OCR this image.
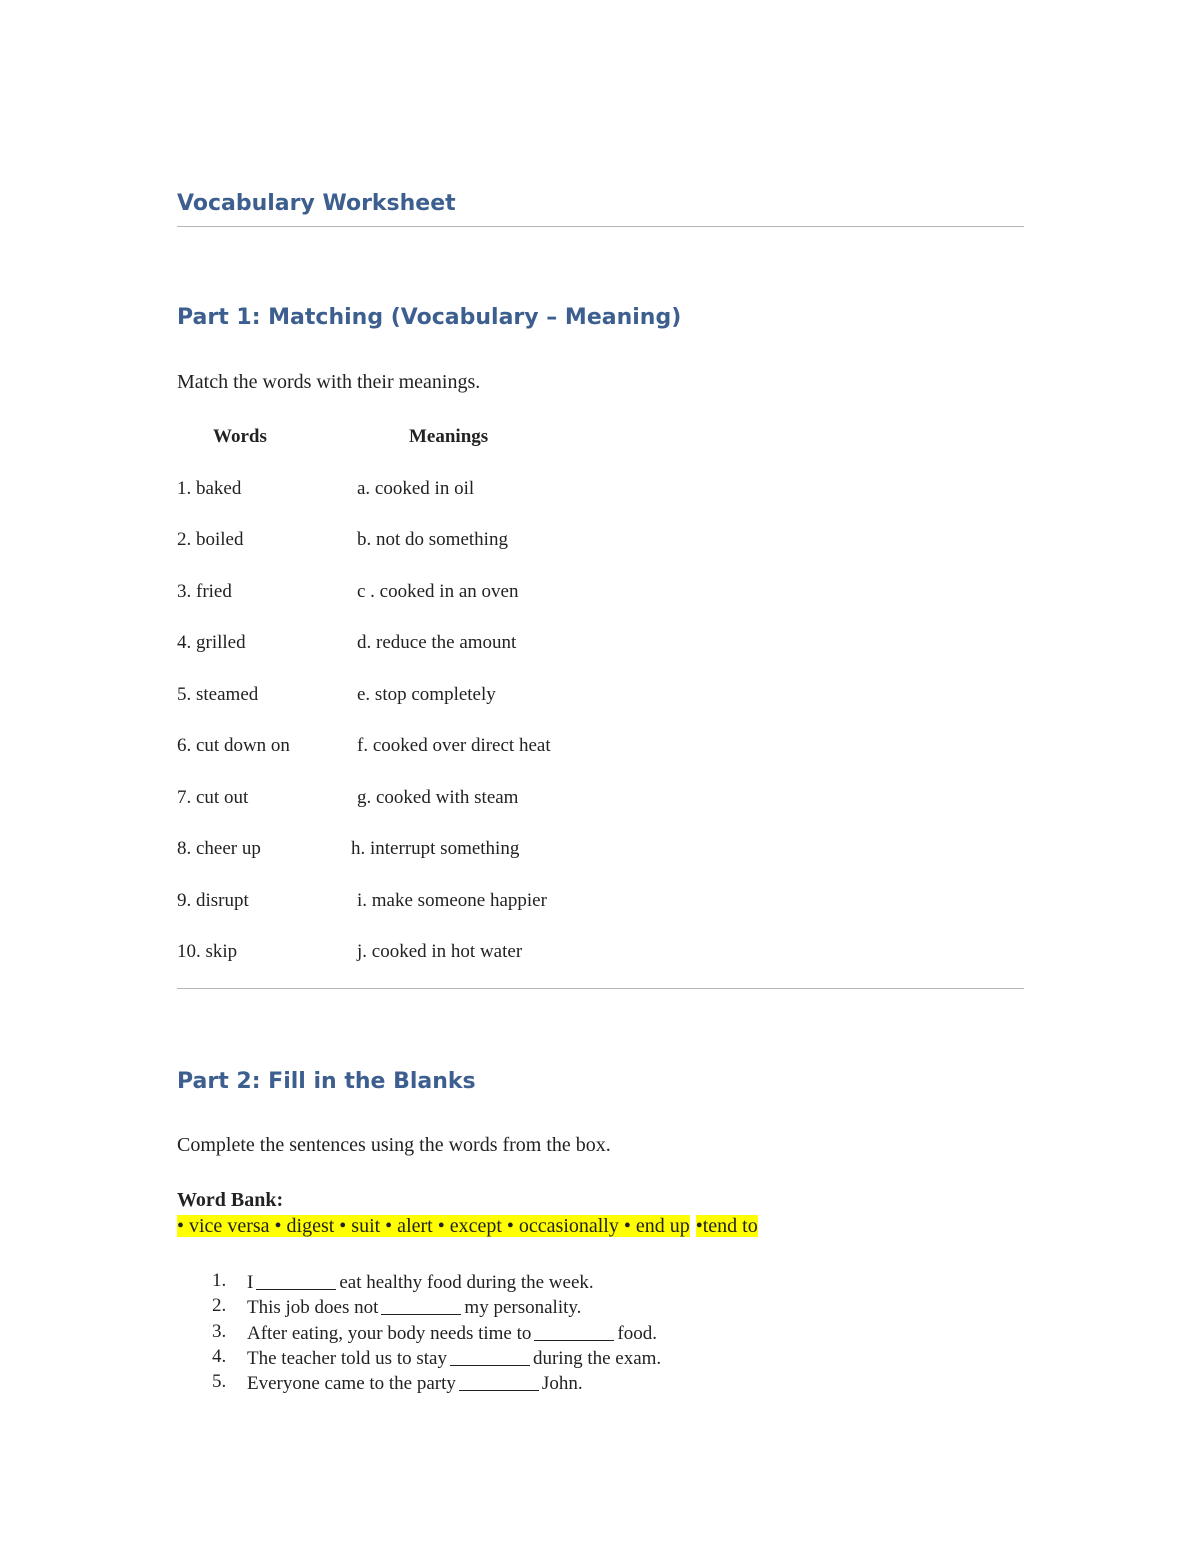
Vocabulary Worksheet
Part 1: Matching (Vocabulary – Meaning)
Match the words with their meanings.
Words	Meanings
1. baked	a. cooked in oil
2. boiled	b. not do something
3. fried	c . cooked in an oven
4. grilled	d. reduce the amount
5. steamed	e. stop completely
6. cut down on	f. cooked over direct heat
7. cut out	g. cooked with steam
8. cheer up	h. interrupt something
9. disrupt	i. make someone happier
10. skip	j. cooked in hot water
Part 2: Fill in the Blanks
Complete the sentences using the words from the box.
Word Bank:
• vice versa • digest • suit • alert • except • occasionally • end up •tend to
1. I	eat healthy food during the week.
2. This job does not	my personality.
3. After eating, your body needs time to	food.
4. The teacher told us to stay	during the exam.
5. Everyone came to the party	John.
